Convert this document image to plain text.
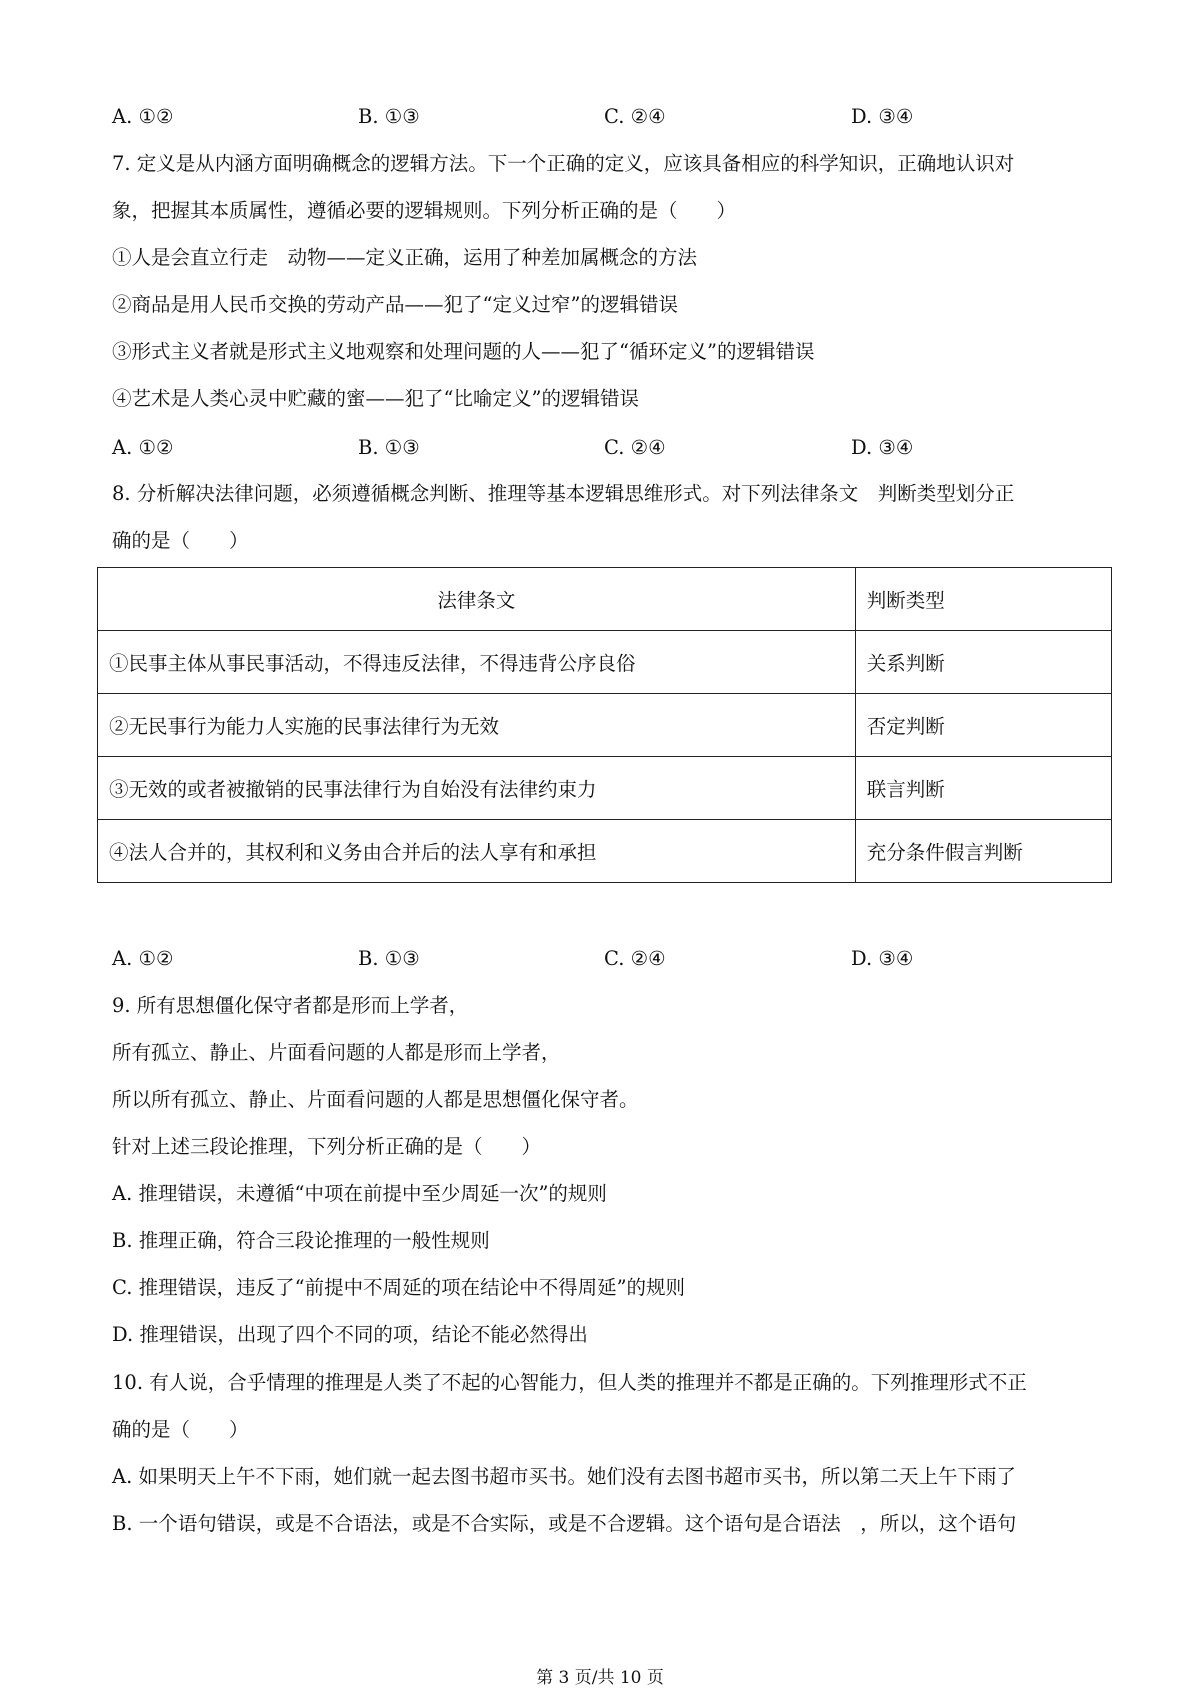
A. ①②	B. ①③	C. ②④	D. ③④
7. 定义是从内涵方面明确概念的逻辑方法。下一个正确的定义，应该具备相应的科学知识，正确地认识对
象，把握其本质属性，遵循必要的逻辑规则。下列分析正确的是（　　）
①人是会直立行走　动物——定义正确，运用了种差加属概念的方法
②商品是用人民币交换的劳动产品——犯了“定义过窄”的逻辑错误
③形式主义者就是形式主义地观察和处理问题的人——犯了“循环定义”的逻辑错误
④艺术是人类心灵中贮藏的蜜——犯了“比喻定义”的逻辑错误
A. ①②	B. ①③	C. ②④	D. ③④
8. 分析解决法律问题，必须遵循概念判断、推理等基本逻辑思维形式。对下列法律条文　判断类型划分正
确的是（　　）
法律条文	判断类型
①民事主体从事民事活动，不得违反法律，不得违背公序良俗	关系判断
②无民事行为能力人实施的民事法律行为无效	否定判断
③无效的或者被撤销的民事法律行为自始没有法律约束力	联言判断
④法人合并的，其权利和义务由合并后的法人享有和承担	充分条件假言判断
A. ①②	B. ①③	C. ②④	D. ③④
9. 所有思想僵化保守者都是形而上学者，
所有孤立、静止、片面看问题的人都是形而上学者，
所以所有孤立、静止、片面看问题的人都是思想僵化保守者。
针对上述三段论推理，下列分析正确的是（　　）
A. 推理错误，未遵循“中项在前提中至少周延一次”的规则
B. 推理正确，符合三段论推理的一般性规则
C. 推理错误，违反了“前提中不周延的项在结论中不得周延”的规则
D. 推理错误，出现了四个不同的项，结论不能必然得出
10. 有人说，合乎情理的推理是人类了不起的心智能力，但人类的推理并不都是正确的。下列推理形式不正
确的是（　　）
A. 如果明天上午不下雨，她们就一起去图书超市买书。她们没有去图书超市买书，所以第二天上午下雨了
B. 一个语句错误，或是不合语法，或是不合实际，或是不合逻辑。这个语句是合语法　，所以，这个语句
第 3 页/共 10 页
